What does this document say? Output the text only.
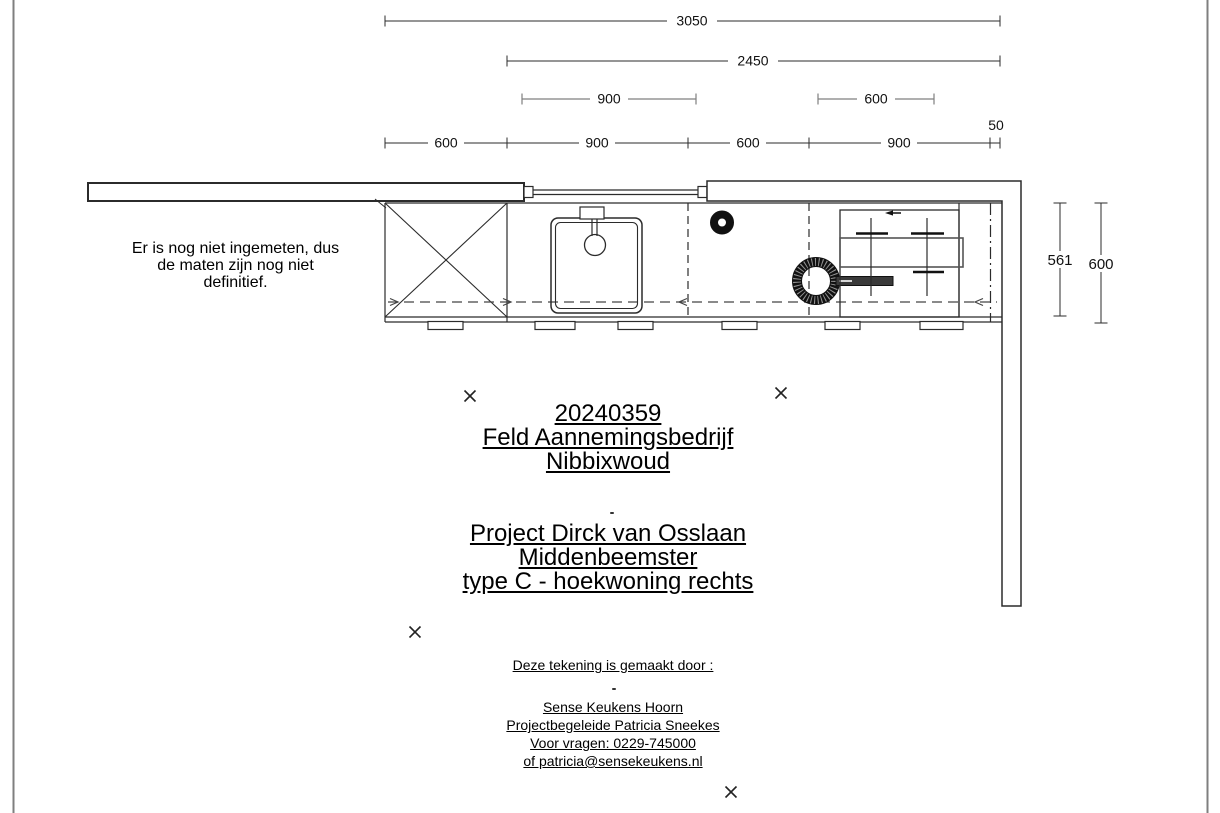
3050
2450
900	600
600	900	600	900
50
561 600
Er is nog niet ingemeten, dus
de maten zijn nog niet
definitief.
20240359
Feld Aannemingsbedrijf
Nibbixwoud
Project Dirck van Osslaan
Middenbeemster
type C - hoekwoning rechts
Deze tekening is gemaakt door :
Sense Keukens Hoorn
Projectbegeleide Patricia Sneekes
Voor vragen: 0229-745000
of patricia@sensekeukens.nl
